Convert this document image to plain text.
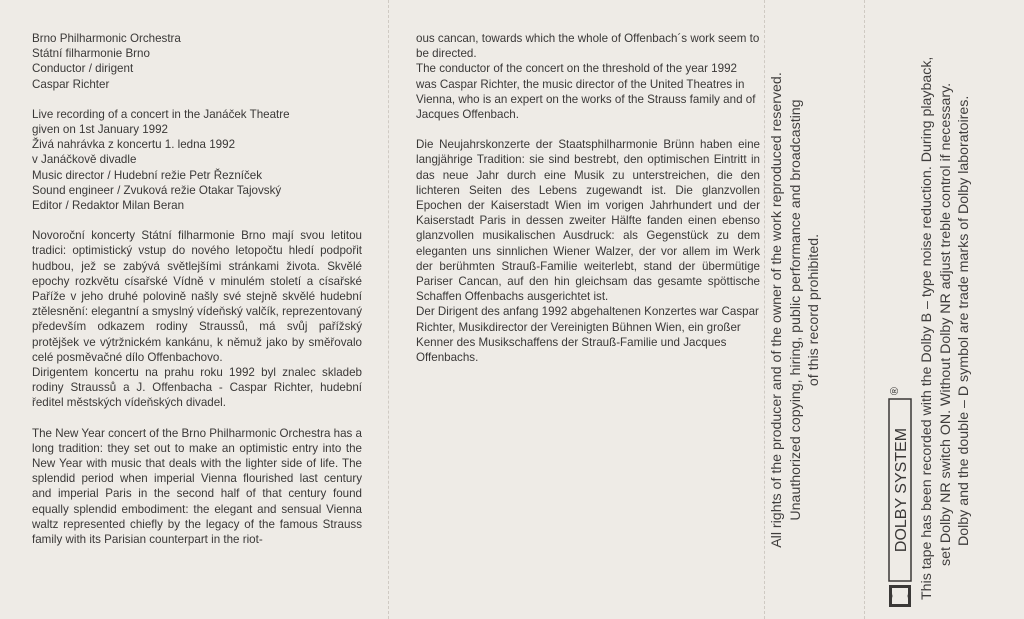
Brno Philharmonic Orchestra
Státní filharmonie Brno
Conductor / dirigent
Caspar Richter

Live recording of a concert in the Janáček Theatre
given on 1st January 1992
Živá nahrávka z koncertu 1. ledna 1992
v Janáčkově divadle
Music director / Hudební režie Petr Řezníček
Sound engineer / Zvuková režie Otakar Tajovský
Editor / Redaktor Milan Beran

Novoroční koncerty Státní filharmonie Brno mají svou letitou tradici: optimistický vstup do nového letopočtu hledí podpořit hudbou, jež se zabývá světlejšími stránkami života. Skvělé epochy rozkvětu císařské Vídně v minulém století a císařské Paříže v jeho druhé polovině našly své stejně skvělé hudební ztělesnění: elegantní a smyslný vídeňský valčík, reprezentovaný především odkazem rodiny Straussů, má svůj pařížský protějšek ve výtržnickém kankánu, k němuž jako by směřovalo celé posměvačné dílo Offenbachovo.

Dirigentem koncertu na prahu roku 1992 byl znalec skladeb rodiny Straussů a J. Offenbacha - Caspar Richter, hudební ředitel městských vídeňských divadel.

The New Year concert of the Brno Philharmonic Orchestra has a long tradition: they set out to make an optimistic entry into the New Year with music that deals with the lighter side of life. The splendid period when imperial Vienna flourished last century and imperial Paris in the second half of that century found equally splendid embodiment: the elegant and sensual Vienna waltz represented chiefly by the legacy of the famous Strauss family with its Parisian counterpart in the riot-

ous cancan, towards which the whole of Offenbach´s work seem to be directed.

The conductor of the concert on the threshold of the year 1992 was Caspar Richter, the music director of the United Theatres in Vienna, who is an expert on the works of the Strauss family and of Jacques Offenbach.

Die Neujahrskonzerte der Staatsphilharmonie Brünn haben eine langjährige Tradition: sie sind bestrebt, den optimischen Eintritt in das neue Jahr durch eine Musik zu unterstreichen, die den lichteren Seiten des Lebens zugewandt ist. Die glanzvollen Epochen der Kaiserstadt Wien im vorigen Jahrhundert und der Kaiserstadt Paris in dessen zweiter Hälfte fanden einen ebenso glanzvollen musikalischen Ausdruck: als Gegenstück zu dem eleganten uns sinnlichen Wiener Walzer, der vor allem im Werk der berühmten Strauß-Familie weiterlebt, stand der übermütige Pariser Cancan, auf den hin gleichsam das gesamte spöttische Schaffen Offenbachs ausgerichtet ist.

Der Dirigent des anfang 1992 abgehaltenen Konzertes war Caspar Richter, Musikdirector der Vereinigten Bühnen Wien, ein großer Kenner des Musikschaffens der Strauß-Familie und Jacques Offenbachs.	All rights of the producer and of the owner of the work reproduced reserved. Unauthorized copying, hiring, public performance and broadcasting of this record prohibited.
DOLBY SYSTEM
® This tape has been recorded with the Dolby B – type noise reduction. During playback, set Dolby NR switch ON. Without Dolby NR adjust treble control if necessary. Dolby and the double – D symbol are trade marks of Dolby laboratoires.
